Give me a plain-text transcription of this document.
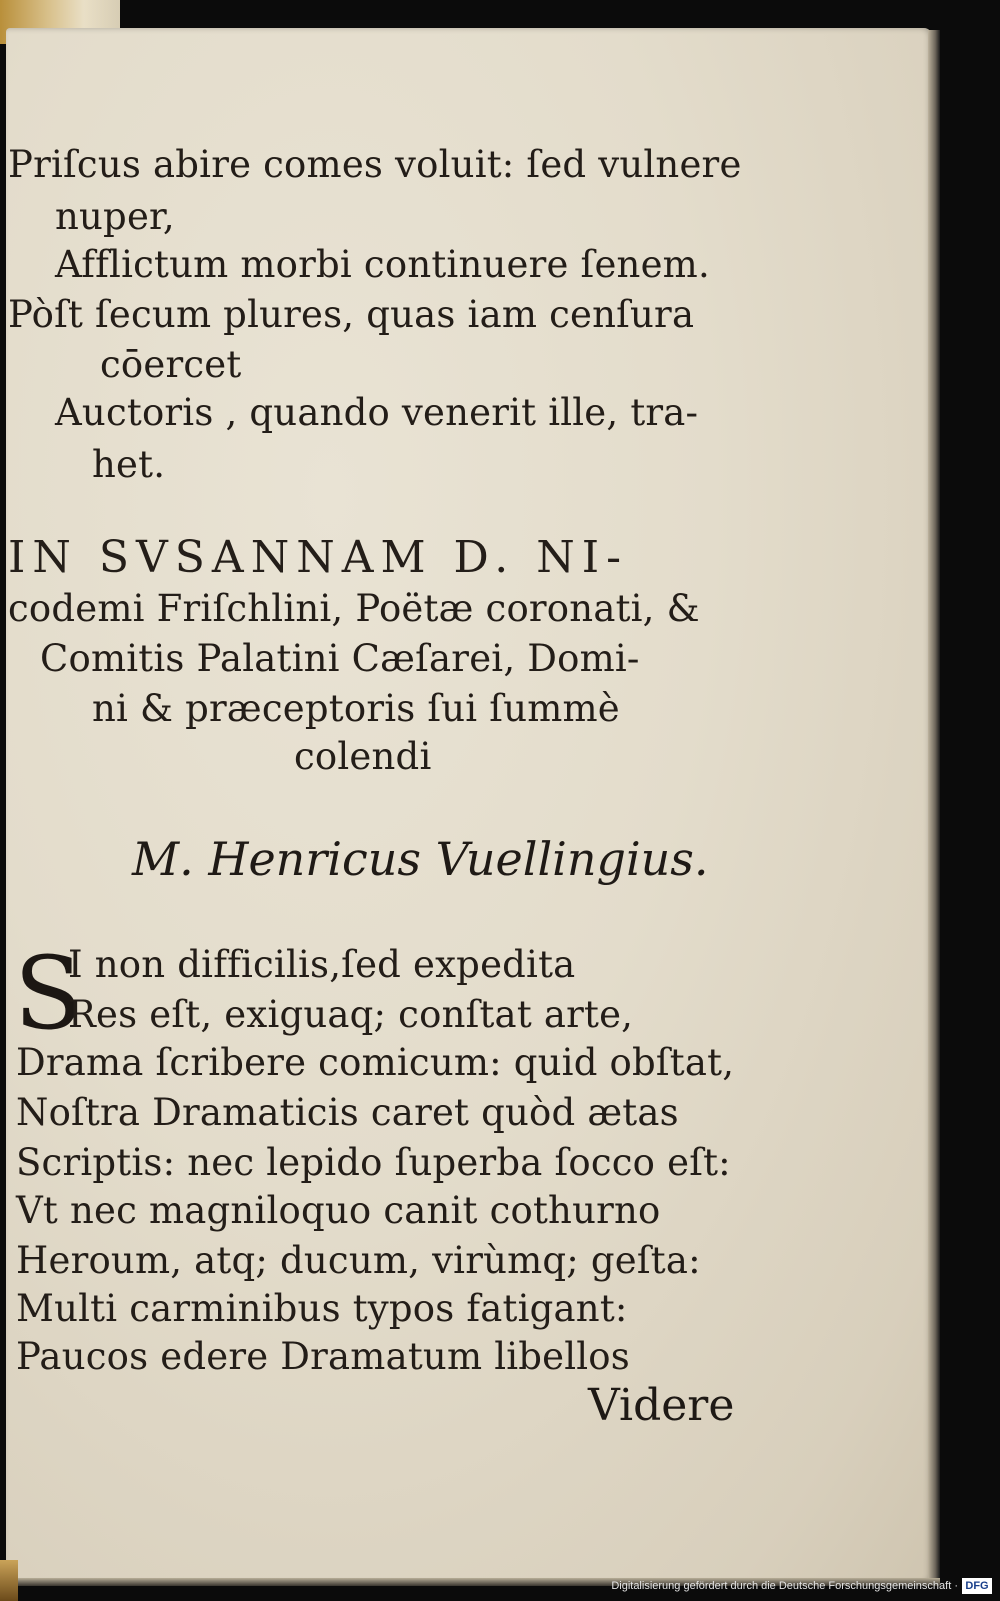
Priſcus abire comes voluit: ſed vulnere
nuper,
Afflictum morbi continuere ſenem.
Pòſt ſecum plures, quas iam cenſura
cōercet
Auctoris , quando venerit ille, tra-
het.
IN SVSANNAM D. NI-
codemi Friſchlini, Poëtæ coronati, &
Comitis Palatini Cæſarei, Domi-
ni & præceptoris ſui ſummè
colendi
M. Henricus Vuellingius.
S
I non difficilis,ſed expedita
Res eſt, exiguaq; conſtat arte,
Drama ſcribere comicum: quid obſtat,
Noſtra Dramaticis caret quòd ætas
Scriptis: nec lepido ſuperba ſocco eſt:
Vt nec magniloquo canit cothurno
Heroum, atq; ducum, virùmq; geſta:
Multi carminibus typos fatigant:
Paucos edere Dramatum libellos
Videre
Digitalisierung gefördert durch die Deutsche Forschungsgemeinschaft · DFG
